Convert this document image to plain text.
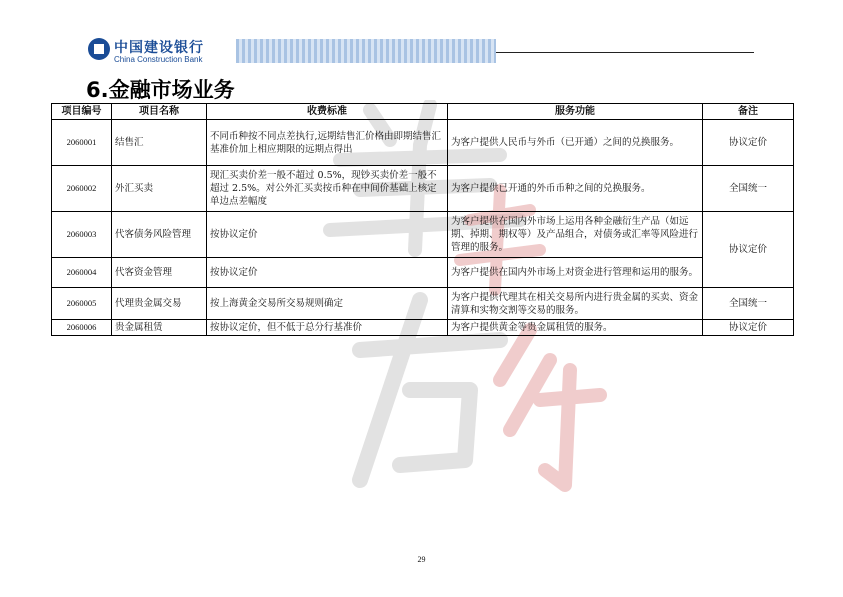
中国建设银行
China Construction Bank
6.金融市场业务
项目编号	项目名称	收费标准	服务功能	备注
2060001	结售汇	不同币种按不同点差执行,远期结售汇价格由即期结售汇基准价加上相应期限的远期点得出	为客户提供人民币与外币（已开通）之间的兑换服务。	协议定价
2060002	外汇买卖	现汇买卖价差一般不超过 0.5%，现钞买卖价差一般不超过 2.5%。对公外汇买卖按币种在中间价基础上核定单边点差幅度	为客户提供已开通的外币币种之间的兑换服务。	全国统一
2060003	代客债务风险管理	按协议定价	为客户提供在国内外市场上运用各种金融衍生产品（如远期、掉期、期权等）及产品组合，对债务或汇率等风险进行管理的服务。	协议定价
2060004	代客资金管理	按协议定价	为客户提供在国内外市场上对资金进行管理和运用的服务。	
2060005	代理贵金属交易	按上海黄金交易所交易规则确定	为客户提供代理其在相关交易所内进行贵金属的买卖、资金清算和实物交割等交易的服务。	全国统一
2060006	贵金属租赁	按协议定价，但不低于总分行基准价	为客户提供黄金等贵金属租赁的服务。	协议定价
29
